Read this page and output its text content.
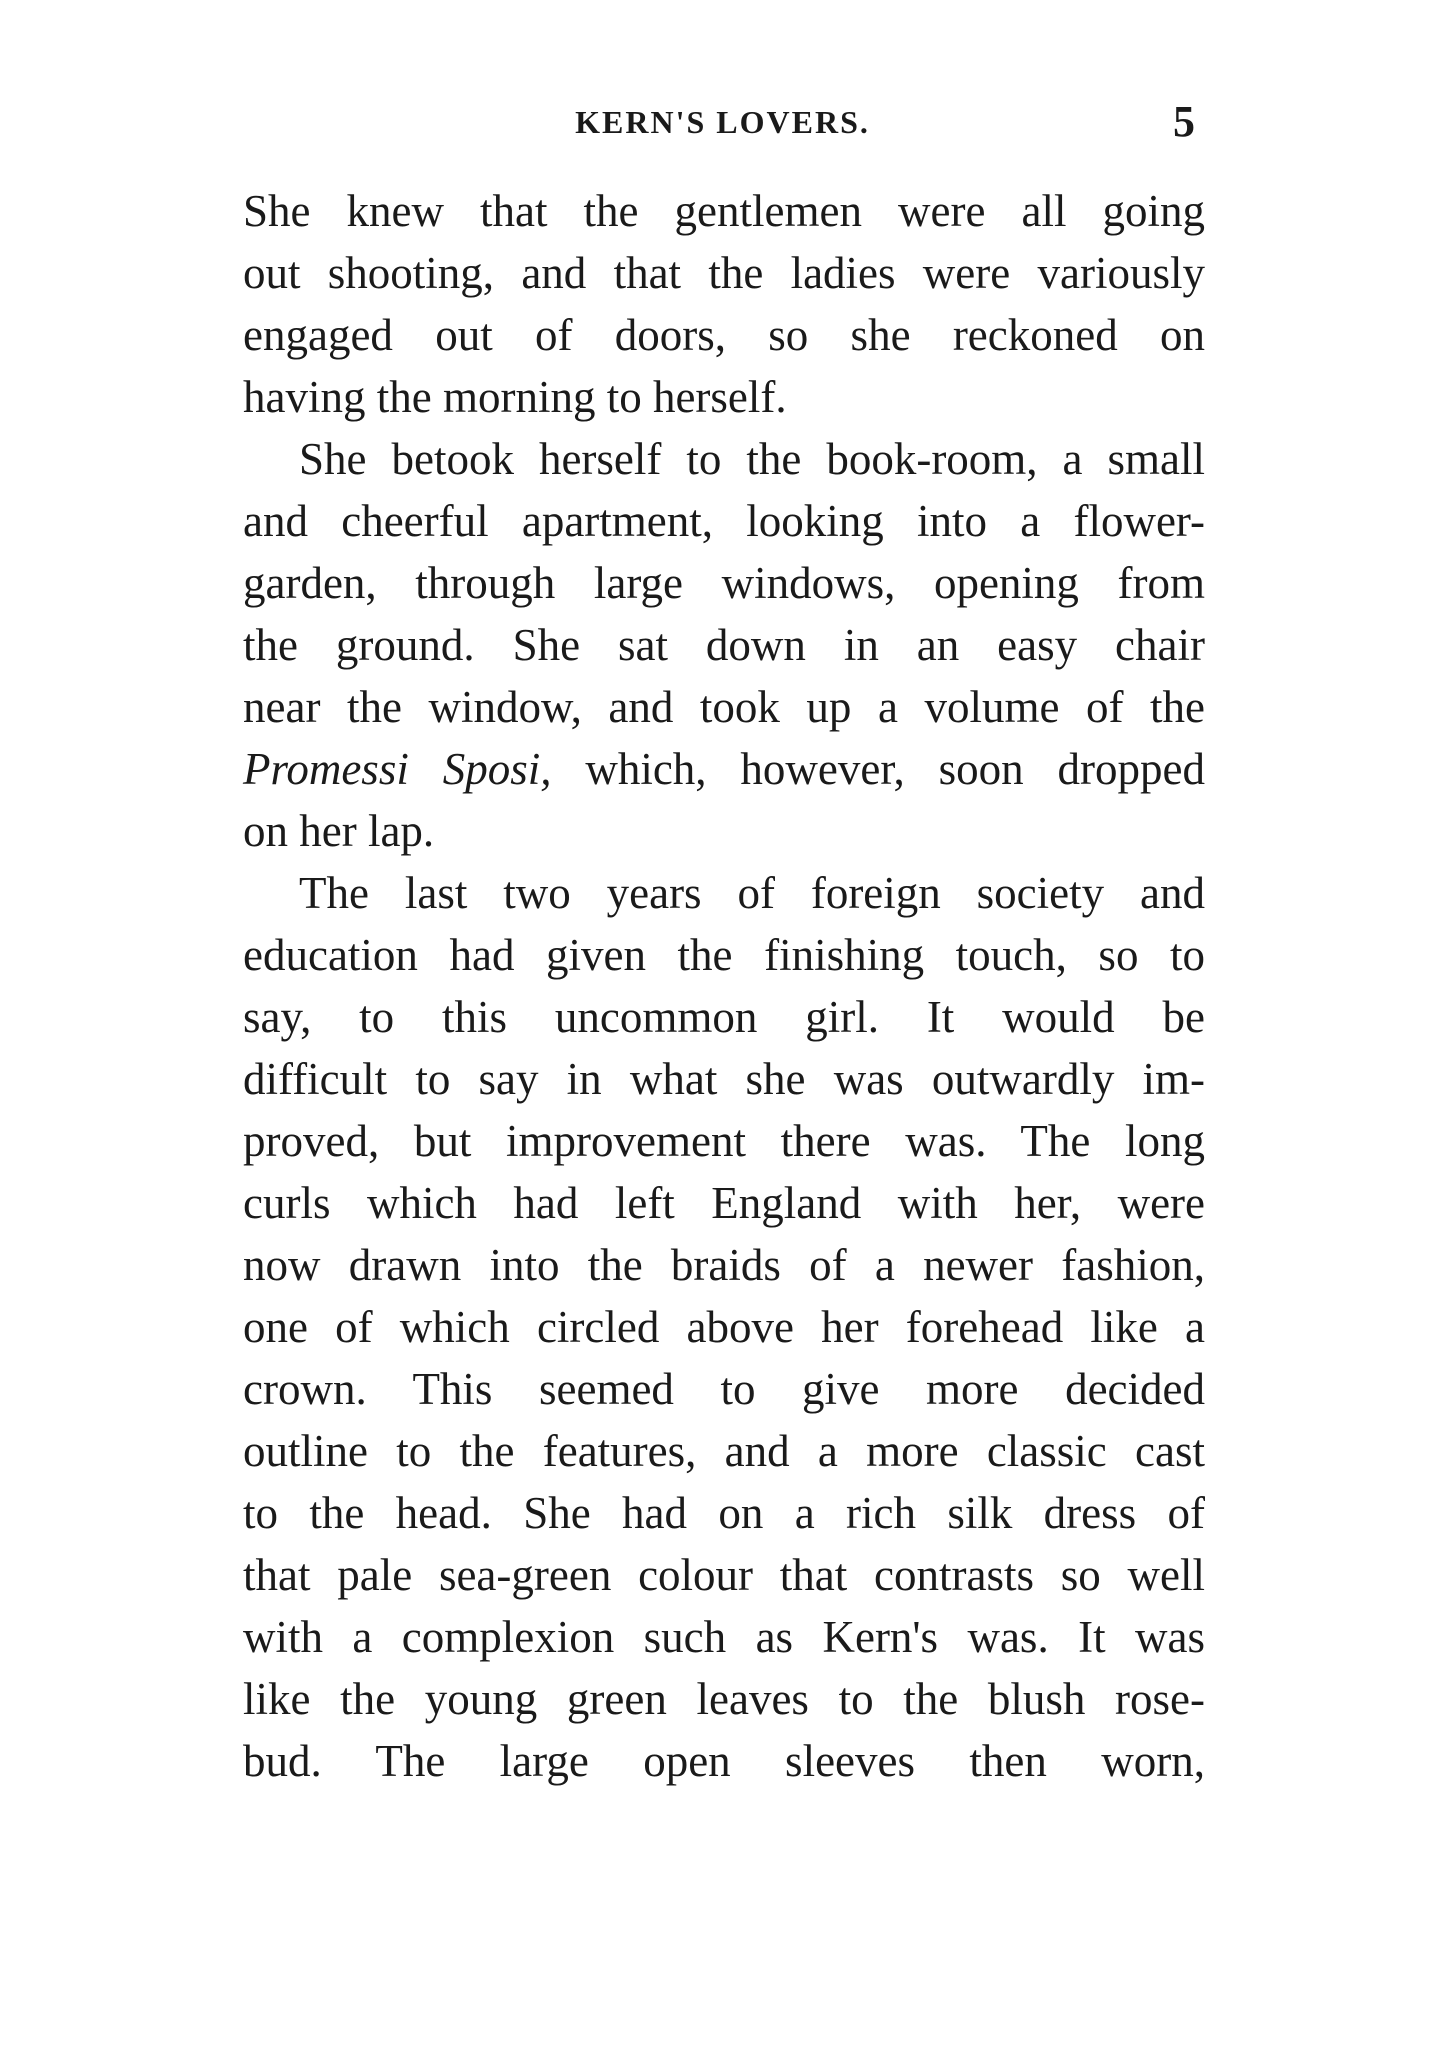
KERN'S LOVERS.	5
She knew that the gentlemen were all going
out shooting, and that the ladies were variously
engaged out of doors, so she reckoned on
having the morning to herself.
She betook herself to the book-room, a small
and cheerful apartment, looking into a flower-
garden, through large windows, opening from
the ground. She sat down in an easy chair
near the window, and took up a volume of the
Promessi Sposi, which, however, soon dropped
on her lap.
The last two years of foreign society and
education had given the finishing touch, so to
say, to this uncommon girl. It would be
difficult to say in what she was outwardly im-
proved, but improvement there was. The long
curls which had left England with her, were
now drawn into the braids of a newer fashion,
one of which circled above her forehead like a
crown. This seemed to give more decided
outline to the features, and a more classic cast
to the head. She had on a rich silk dress of
that pale sea-green colour that contrasts so well
with a complexion such as Kern's was. It was
like the young green leaves to the blush rose-
bud. The large open sleeves then worn,
